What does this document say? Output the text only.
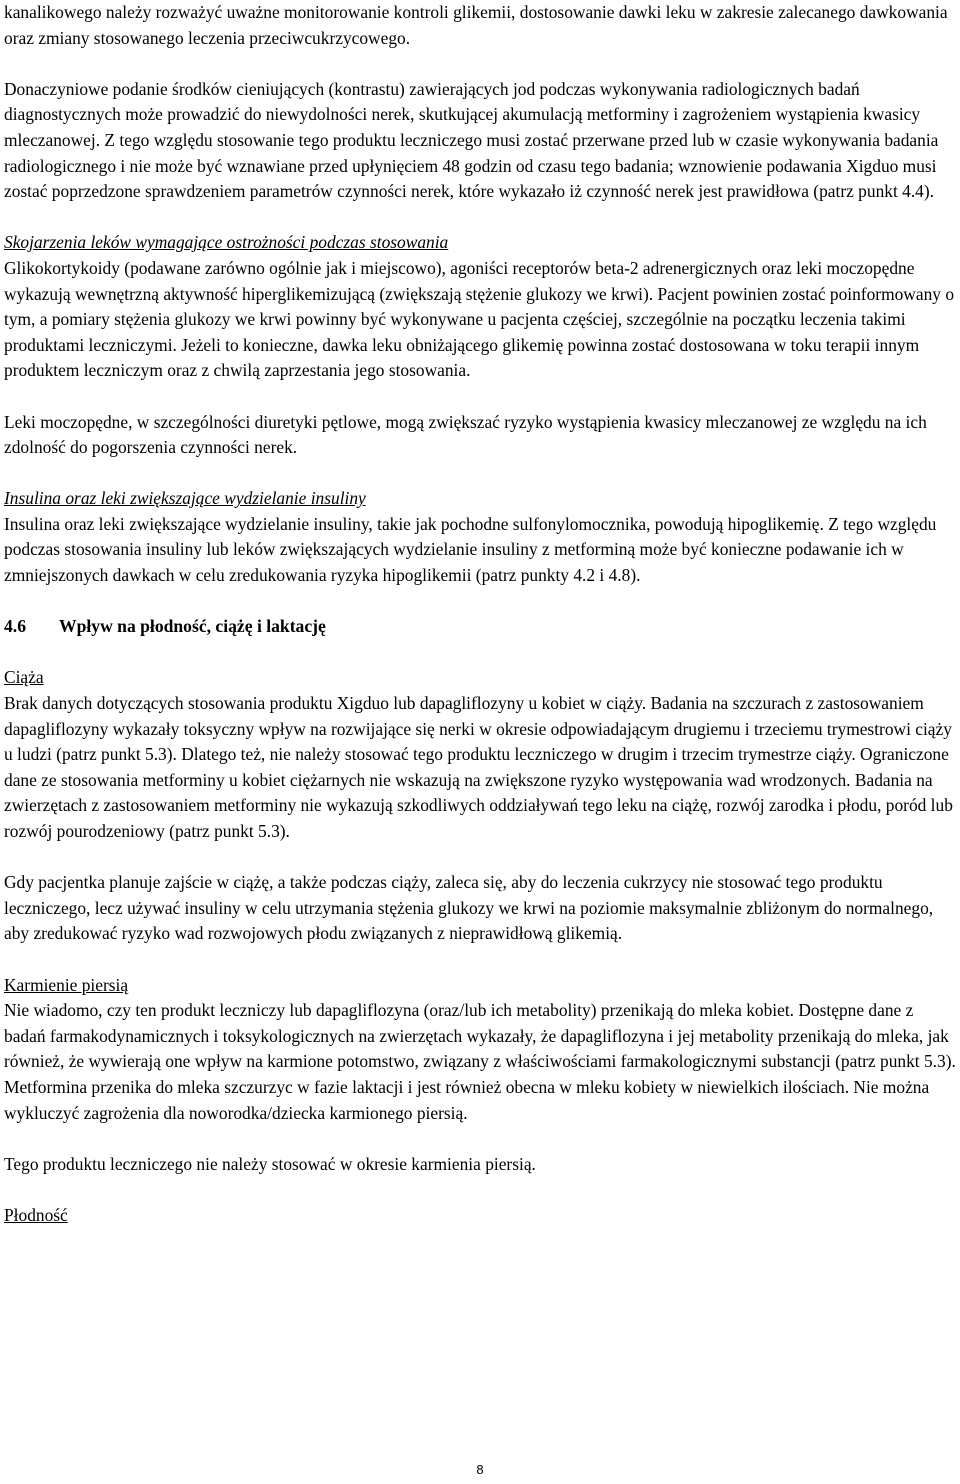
kanalikowego należy rozważyć uważne monitorowanie kontroli glikemii, dostosowanie dawki leku w zakresie zalecanego dawkowania oraz zmiany stosowanego leczenia przeciwcukrzycowego.

Donaczyniowe podanie środków cieniujących (kontrastu) zawierających jod podczas wykonywania radiologicznych badań diagnostycznych może prowadzić do niewydolności nerek, skutkującej akumulacją metforminy i zagrożeniem wystąpienia kwasicy mleczanowej. Z tego względu stosowanie tego produktu leczniczego musi zostać przerwane przed lub w czasie wykonywania badania radiologicznego i nie może być wznawiane przed upłynięciem 48 godzin od czasu tego badania; wznowienie podawania Xigduo musi zostać poprzedzone sprawdzeniem parametrów czynności nerek, które wykazało iż czynność nerek jest prawidłowa (patrz punkt 4.4).

Skojarzenia leków wymagające ostrożności podczas stosowania

Glikokortykoidy (podawane zarówno ogólnie jak i miejscowo), agoniści receptorów beta-2 adrenergicznych oraz leki moczopędne wykazują wewnętrzną aktywność hiperglikemizującą (zwiększają stężenie glukozy we krwi). Pacjent powinien zostać poinformowany o tym, a pomiary stężenia glukozy we krwi powinny być wykonywane u pacjenta częściej, szczególnie na początku leczenia takimi produktami leczniczymi. Jeżeli to konieczne, dawka leku obniżającego glikemię powinna zostać dostosowana w toku terapii innym produktem leczniczym oraz z chwilą zaprzestania jego stosowania.

Leki moczopędne, w szczególności diuretyki pętlowe, mogą zwiększać ryzyko wystąpienia kwasicy mleczanowej ze względu na ich zdolność do pogorszenia czynności nerek.

Insulina oraz leki zwiększające wydzielanie insuliny

Insulina oraz leki zwiększające wydzielanie insuliny, takie jak pochodne sulfonylomocznika, powodują hipoglikemię. Z tego względu podczas stosowania insuliny lub leków zwiększających wydzielanie insuliny z metforminą może być konieczne podawanie ich w zmniejszonych dawkach w celu zredukowania ryzyka hipoglikemii (patrz punkty 4.2 i 4.8).

4.6	Wpływ na płodność, ciążę i laktację
Ciąża

Brak danych dotyczących stosowania produktu Xigduo lub dapagliflozyny u kobiet w ciąży. Badania na szczurach z zastosowaniem dapagliflozyny wykazały toksyczny wpływ na rozwijające się nerki w okresie odpowiadającym drugiemu i trzeciemu trymestrowi ciąży u ludzi (patrz punkt 5.3). Dlatego też, nie należy stosować tego produktu leczniczego w drugim i trzecim trymestrze ciąży. Ograniczone dane ze stosowania metforminy u kobiet ciężarnych nie wskazują na zwiększone ryzyko występowania wad wrodzonych. Badania na zwierzętach z zastosowaniem metforminy nie wykazują szkodliwych oddziaływań tego leku na ciążę, rozwój zarodka i płodu, poród lub rozwój pourodzeniowy (patrz punkt 5.3).

Gdy pacjentka planuje zajście w ciążę, a także podczas ciąży, zaleca się, aby do leczenia cukrzycy nie stosować tego produktu leczniczego, lecz używać insuliny w celu utrzymania stężenia glukozy we krwi na poziomie maksymalnie zbliżonym do normalnego, aby zredukować ryzyko wad rozwojowych płodu związanych z nieprawidłową glikemią.

Karmienie piersią

Nie wiadomo, czy ten produkt leczniczy lub dapagliflozyna (oraz/lub ich metabolity) przenikają do mleka kobiet. Dostępne dane z badań farmakodynamicznych i toksykologicznych na zwierzętach wykazały, że dapagliflozyna i jej metabolity przenikają do mleka, jak również, że wywierają one wpływ na karmione potomstwo, związany z właściwościami farmakologicznymi substancji (patrz punkt 5.3). Metformina przenika do mleka szczurzyc w fazie laktacji i jest również obecna w mleku kobiety w niewielkich ilościach. Nie można wykluczyć zagrożenia dla noworodka/dziecka karmionego piersią.

Tego produktu leczniczego nie należy stosować w okresie karmienia piersią.

Płodność
8
